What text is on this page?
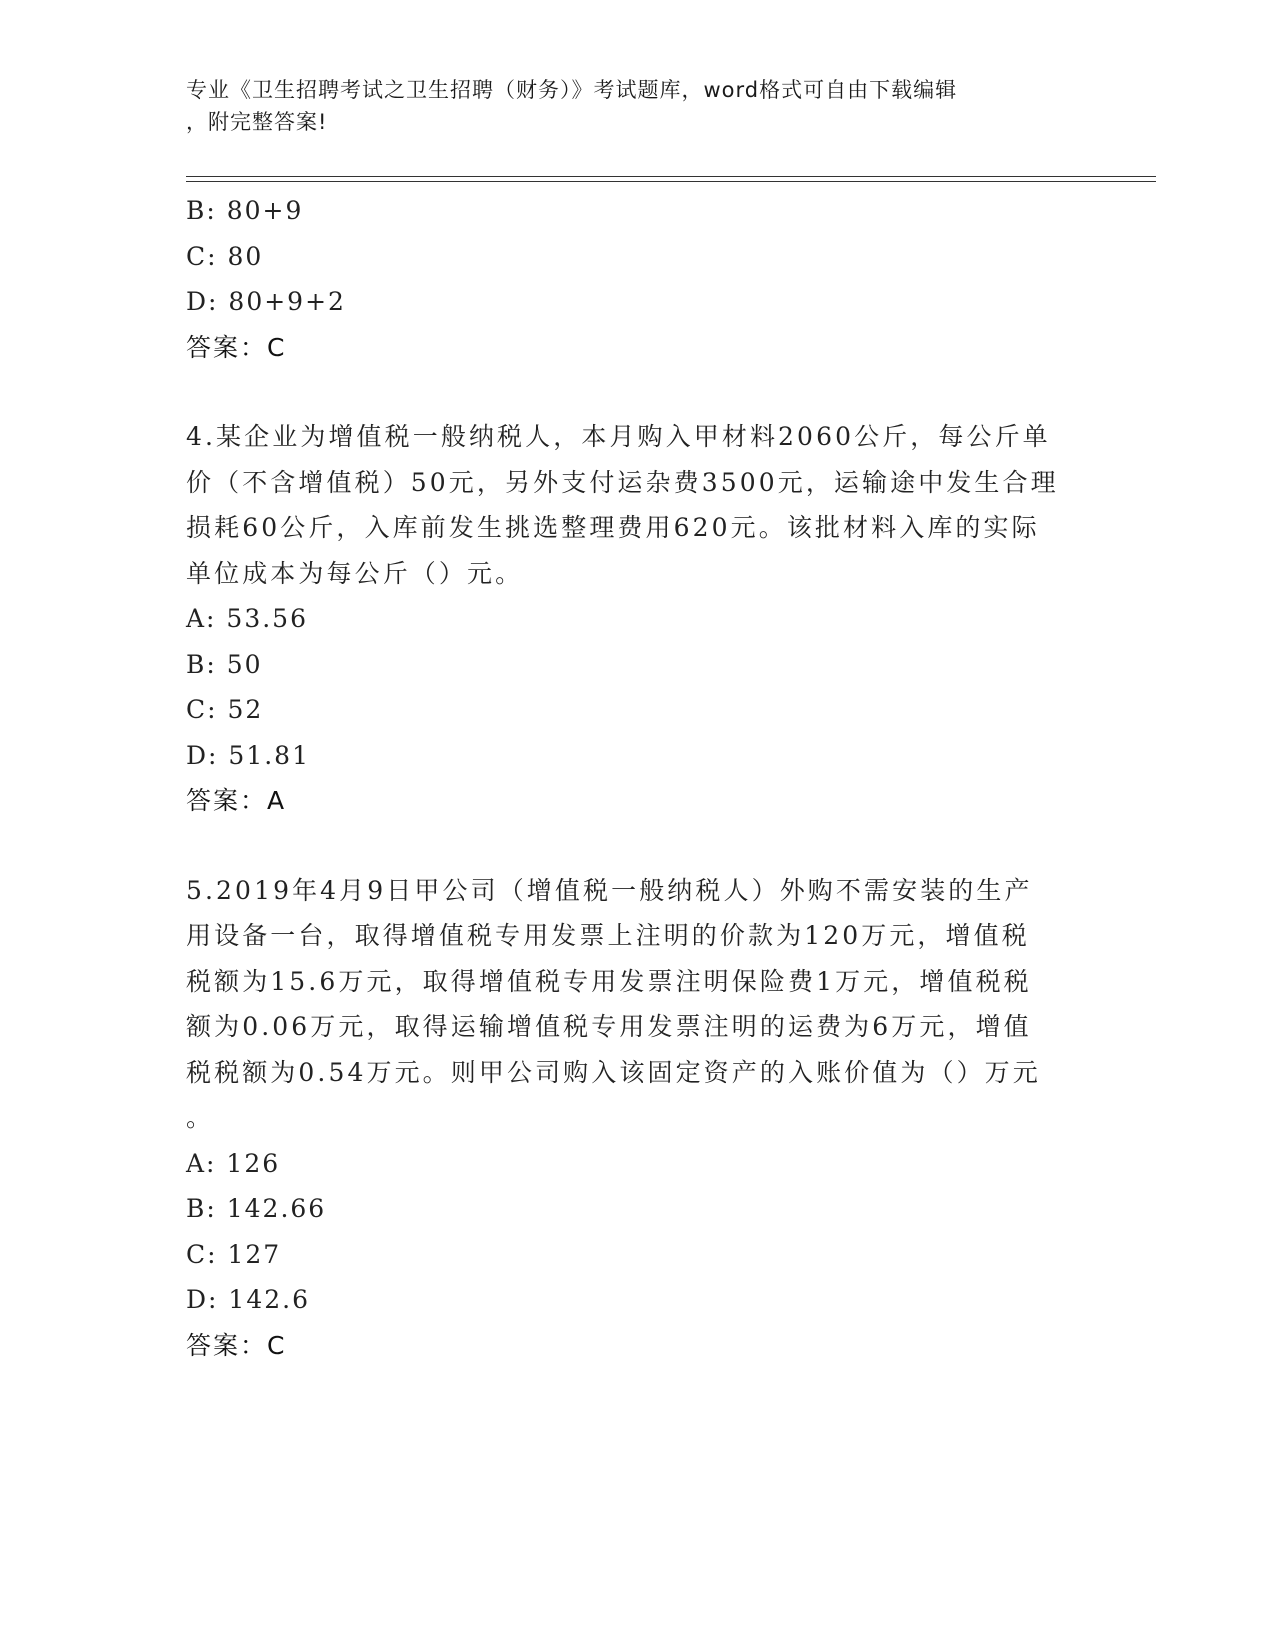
专业《卫生招聘考试之卫生招聘（财务）》考试题库，word格式可自由下载编辑
，附完整答案!
B: 80+9
C: 80
D: 80+9+2
答案：C
4.某企业为增值税一般纳税人，本月购入甲材料2060公斤，每公斤单
价（不含增值税）50元，另外支付运杂费3500元，运输途中发生合理
损耗60公斤，入库前发生挑选整理费用620元。该批材料入库的实际
单位成本为每公斤（）元。
A: 53.56
B: 50
C: 52
D: 51.81
答案：A
5.2019年4月9日甲公司（增值税一般纳税人）外购不需安装的生产
用设备一台，取得增值税专用发票上注明的价款为120万元，增值税
税额为15.6万元，取得增值税专用发票注明保险费1万元，增值税税
额为0.06万元，取得运输增值税专用发票注明的运费为6万元，增值
税税额为0.54万元。则甲公司购入该固定资产的入账价值为（）万元
。
A: 126
B: 142.66
C: 127
D: 142.6
答案：C
